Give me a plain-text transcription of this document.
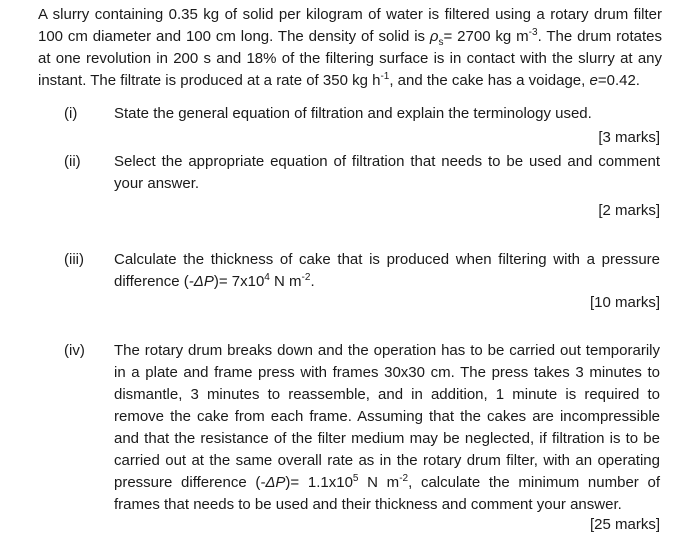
A slurry containing 0.35 kg of solid per kilogram of water is filtered using a rotary drum filter 100 cm diameter and 100 cm long. The density of solid is $\rho_s= 2700$ kg $m^{-3}$. The drum rotates at one revolution in 200 s and 18% of the filtering surface is in contact with the slurry at any instant. The filtrate is produced at a rate of 350 kg $h^{-1}$, and the cake has a voidage, e=0.42.

(i) State the general equation of filtration and explain the terminology used.

[3 marks]

(ii) Select the appropriate equation of filtration that needs to be used and comment your answer.

[2 marks]

(iii) Calculate the thickness of cake that is produced when filtering with a pressure difference $(-\Delta P)= 7x10^4$ N $m^{-2}$.

[10 marks]

(iv) The rotary drum breaks down and the operation has to be carried out temporarily in a plate and frame press with frames 30x30 cm. The press takes 3 minutes to dismantle, 3 minutes to reassemble, and in addition, 1 minute is required to remove the cake from each frame. Assuming that the cakes are incompressible and that the resistance of the filter medium may be neglected, if filtration is to be carried out at the same overall rate as in the rotary drum filter, with an operating pressure difference $(-\Delta P)= 1.1x10^5$ N $m^{-2}$, calculate the minimum number of frames that needs to be used and their thickness and comment your answer.

[25 marks]
